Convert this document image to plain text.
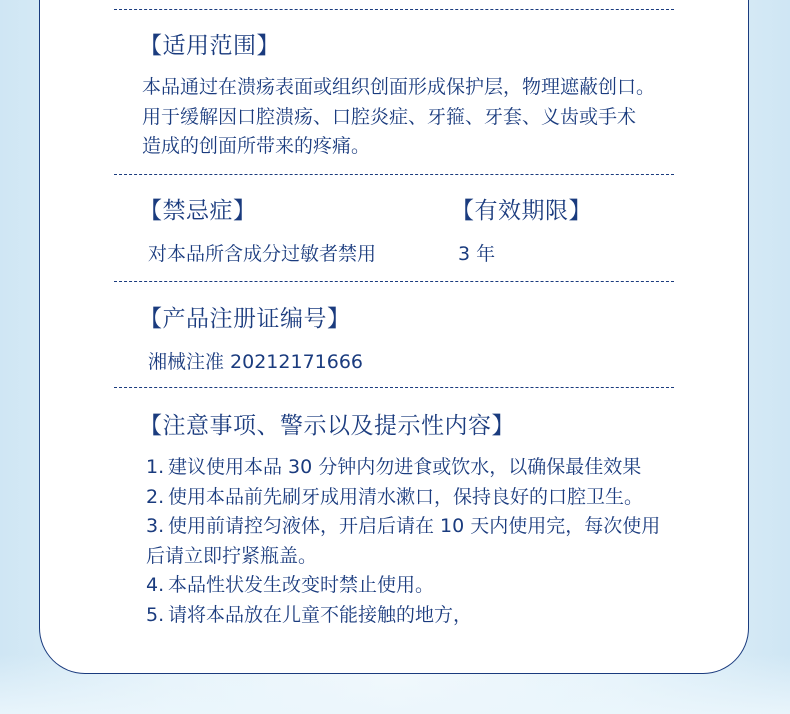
【适用范围】
本品通过在溃疡表面或组织创面形成保护层，物理遮蔽创口。
用于缓解因口腔溃疡、口腔炎症、牙箍、牙套、义齿或手术
造成的创面所带来的疼痛。
【禁忌症】	【有效期限】
对本品所含成分过敏者禁用	3 年
【产品注册证编号】
湘械注准 20212171666
【注意事项、警示以及提示性内容】
1. 建议使用本品 30 分钟内勿进食或饮水，以确保最佳效果
2. 使用本品前先刷牙成用清水漱口，保持良好的口腔卫生。
3. 使用前请控匀液体，开启后请在 10 天内使用完，每次使用
后请立即拧紧瓶盖。
4. 本品性状发生改变时禁止使用。
5. 请将本品放在儿童不能接触的地方，
